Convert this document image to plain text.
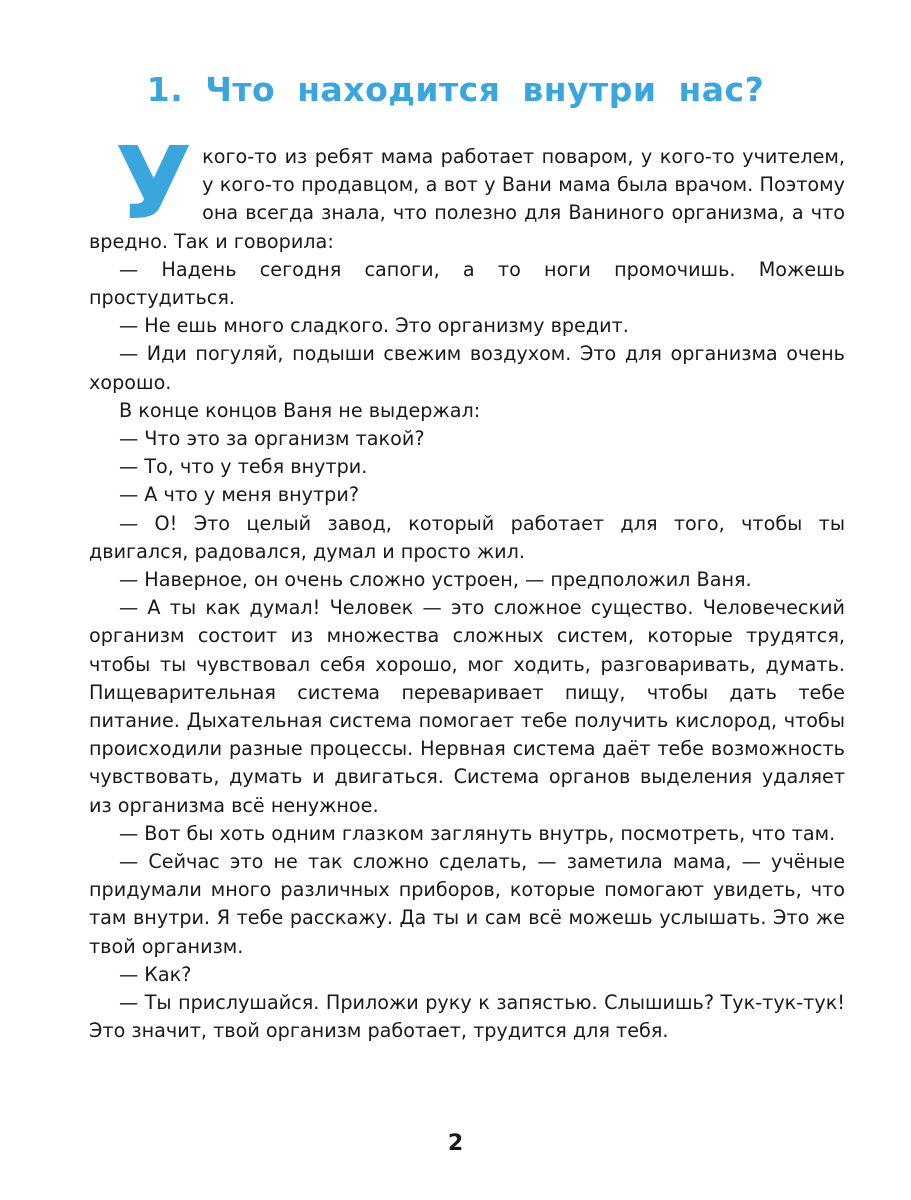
1. Что находится внутри нас?

Укого-то из ребят мама работает поваром, у кого-то учителем, у кого-то продавцом, а вот у Вани мама была врачом. Поэтому она всегда знала, что полезно для Ваниного организма, а что вредно. Так и говорила:

— Надень сегодня сапоги, а то ноги промочишь. Можешь простудиться.

— Не ешь много сладкого. Это организму вредит.

— Иди погуляй, подыши свежим воздухом. Это для организма очень хорошо.

В конце концов Ваня не выдержал:

— Что это за организм такой?

— То, что у тебя внутри.

— А что у меня внутри?

— О! Это целый завод, который работает для того, чтобы ты двигался, радовался, думал и просто жил.

— Наверное, он очень сложно устроен, — предположил Ваня.

— А ты как думал! Человек — это сложное существо. Человеческий организм состоит из множества сложных систем, которые трудятся, чтобы ты чувствовал себя хорошо, мог ходить, разговаривать, думать. Пищеварительная система переваривает пищу, чтобы дать тебе питание. Дыхательная система помогает тебе получить кислород, чтобы происходили разные процессы. Нервная система даёт тебе возможность чувствовать, думать и двигаться. Система органов выделения удаляет из организма всё ненужное.

— Вот бы хоть одним глазком заглянуть внутрь, посмотреть, что там.

— Сейчас это не так сложно сделать, — заметила мама, — учёные придумали много различных приборов, которые помогают увидеть, что там внутри. Я тебе расскажу. Да ты и сам всё можешь услышать. Это же твой организм.

— Как?

— Ты прислушайся. Приложи руку к запястью. Слышишь? Тук-тук-тук! Это значит, твой организм работает, трудится для тебя.

2
